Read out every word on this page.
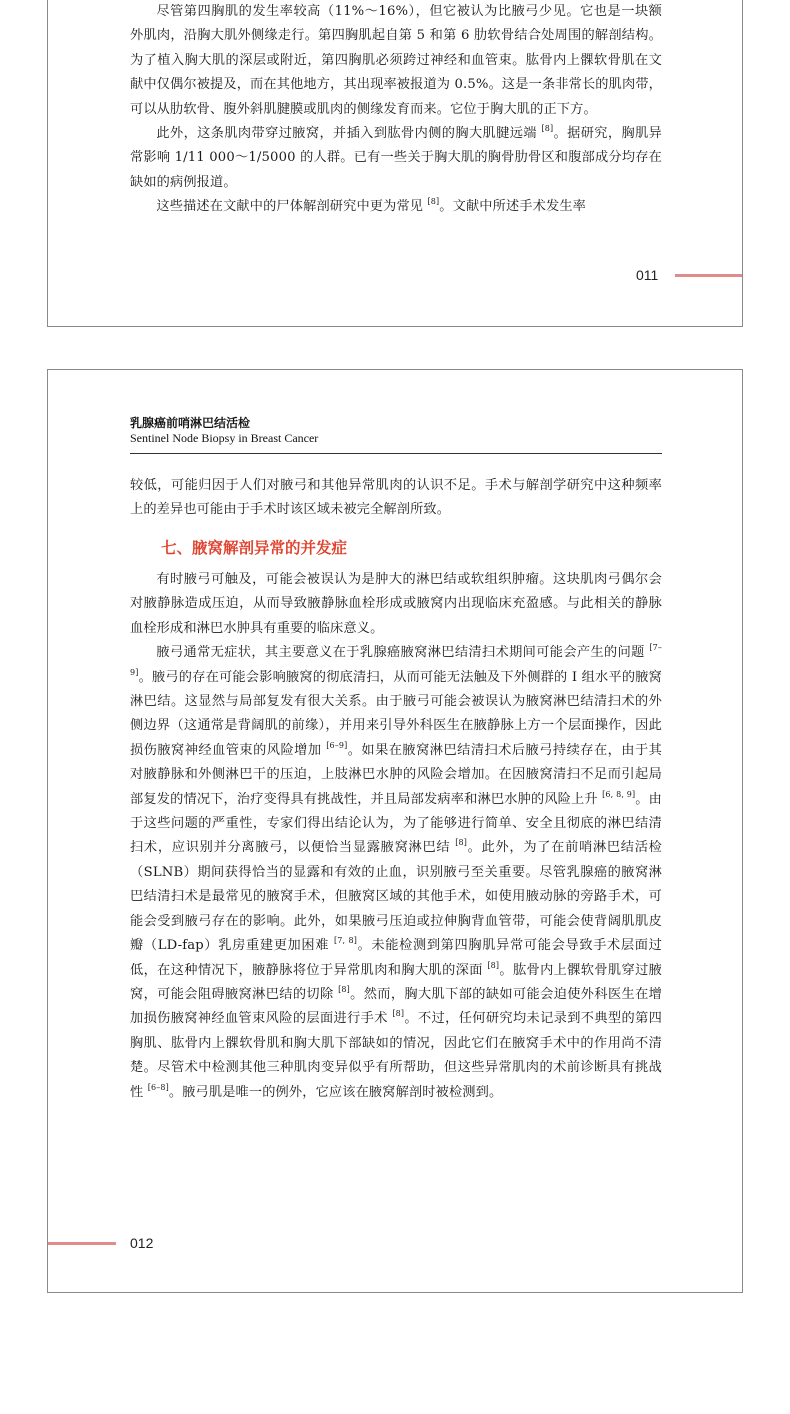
尽管第四胸肌的发生率较高（11%～16%），但它被认为比腋弓少见。它也是一块额外肌肉，沿胸大肌外侧缘走行。第四胸肌起自第 5 和第 6 肋软骨结合处周围的解剖结构。为了植入胸大肌的深层或附近，第四胸肌必须跨过神经和血管束。肱骨内上髁软骨肌在文献中仅偶尔被提及，而在其他地方，其出现率被报道为 0.5%。这是一条非常长的肌肉带，可以从肋软骨、腹外斜肌腱膜或肌肉的侧缘发育而来。它位于胸大肌的正下方。

此外，这条肌肉带穿过腋窝，并插入到肱骨内侧的胸大肌腱远端 [8]。据研究，胸肌异常影响 1/11 000～1/5000 的人群。已有一些关于胸大肌的胸骨肋骨区和腹部成分均存在缺如的病例报道。

这些描述在文献中的尸体解剖研究中更为常见 [8]。文献中所述手术发生率

011
乳腺癌前哨淋巴结活检
Sentinel Node Biopsy in Breast Cancer

较低，可能归因于人们对腋弓和其他异常肌肉的认识不足。手术与解剖学研究中这种频率上的差异也可能由于手术时该区域未被完全解剖所致。

七、腋窝解剖异常的并发症

有时腋弓可触及，可能会被误认为是肿大的淋巴结或软组织肿瘤。这块肌肉弓偶尔会对腋静脉造成压迫，从而导致腋静脉血栓形成或腋窝内出现临床充盈感。与此相关的静脉血栓形成和淋巴水肿具有重要的临床意义。

腋弓通常无症状，其主要意义在于乳腺癌腋窝淋巴结清扫术期间可能会产生的问题 [7–9]。腋弓的存在可能会影响腋窝的彻底清扫，从而可能无法触及下外侧群的 Ⅰ 组水平的腋窝淋巴结。这显然与局部复发有很大关系。由于腋弓可能会被误认为腋窝淋巴结清扫术的外侧边界（这通常是背阔肌的前缘），并用来引导外科医生在腋静脉上方一个层面操作，因此损伤腋窝神经血管束的风险增加 [6–9]。如果在腋窝淋巴结清扫术后腋弓持续存在，由于其对腋静脉和外侧淋巴干的压迫，上肢淋巴水肿的风险会增加。在因腋窝清扫不足而引起局部复发的情况下，治疗变得具有挑战性，并且局部发病率和淋巴水肿的风险上升 [6, 8, 9]。由于这些问题的严重性，专家们得出结论认为，为了能够进行简单、安全且彻底的淋巴结清扫术，应识别并分离腋弓，以便恰当显露腋窝淋巴结 [8]。此外，为了在前哨淋巴结活检（SLNB）期间获得恰当的显露和有效的止血，识别腋弓至关重要。尽管乳腺癌的腋窝淋巴结清扫术是最常见的腋窝手术，但腋窝区域的其他手术，如使用腋动脉的旁路手术，可能会受到腋弓存在的影响。此外，如果腋弓压迫或拉伸胸背血管带，可能会使背阔肌肌皮瓣（LD-fap）乳房重建更加困难 [7, 8]。未能检测到第四胸肌异常可能会导致手术层面过低，在这种情况下，腋静脉将位于异常肌肉和胸大肌的深面 [8]。肱骨内上髁软骨肌穿过腋窝，可能会阻碍腋窝淋巴结的切除 [8]。然而，胸大肌下部的缺如可能会迫使外科医生在增加损伤腋窝神经血管束风险的层面进行手术 [8]。不过，任何研究均未记录到不典型的第四胸肌、肱骨内上髁软骨肌和胸大肌下部缺如的情况，因此它们在腋窝手术中的作用尚不清楚。尽管术中检测其他三种肌肉变异似乎有所帮助，但这些异常肌肉的术前诊断具有挑战性 [6–8]。腋弓肌是唯一的例外，它应该在腋窝解剖时被检测到。

012
